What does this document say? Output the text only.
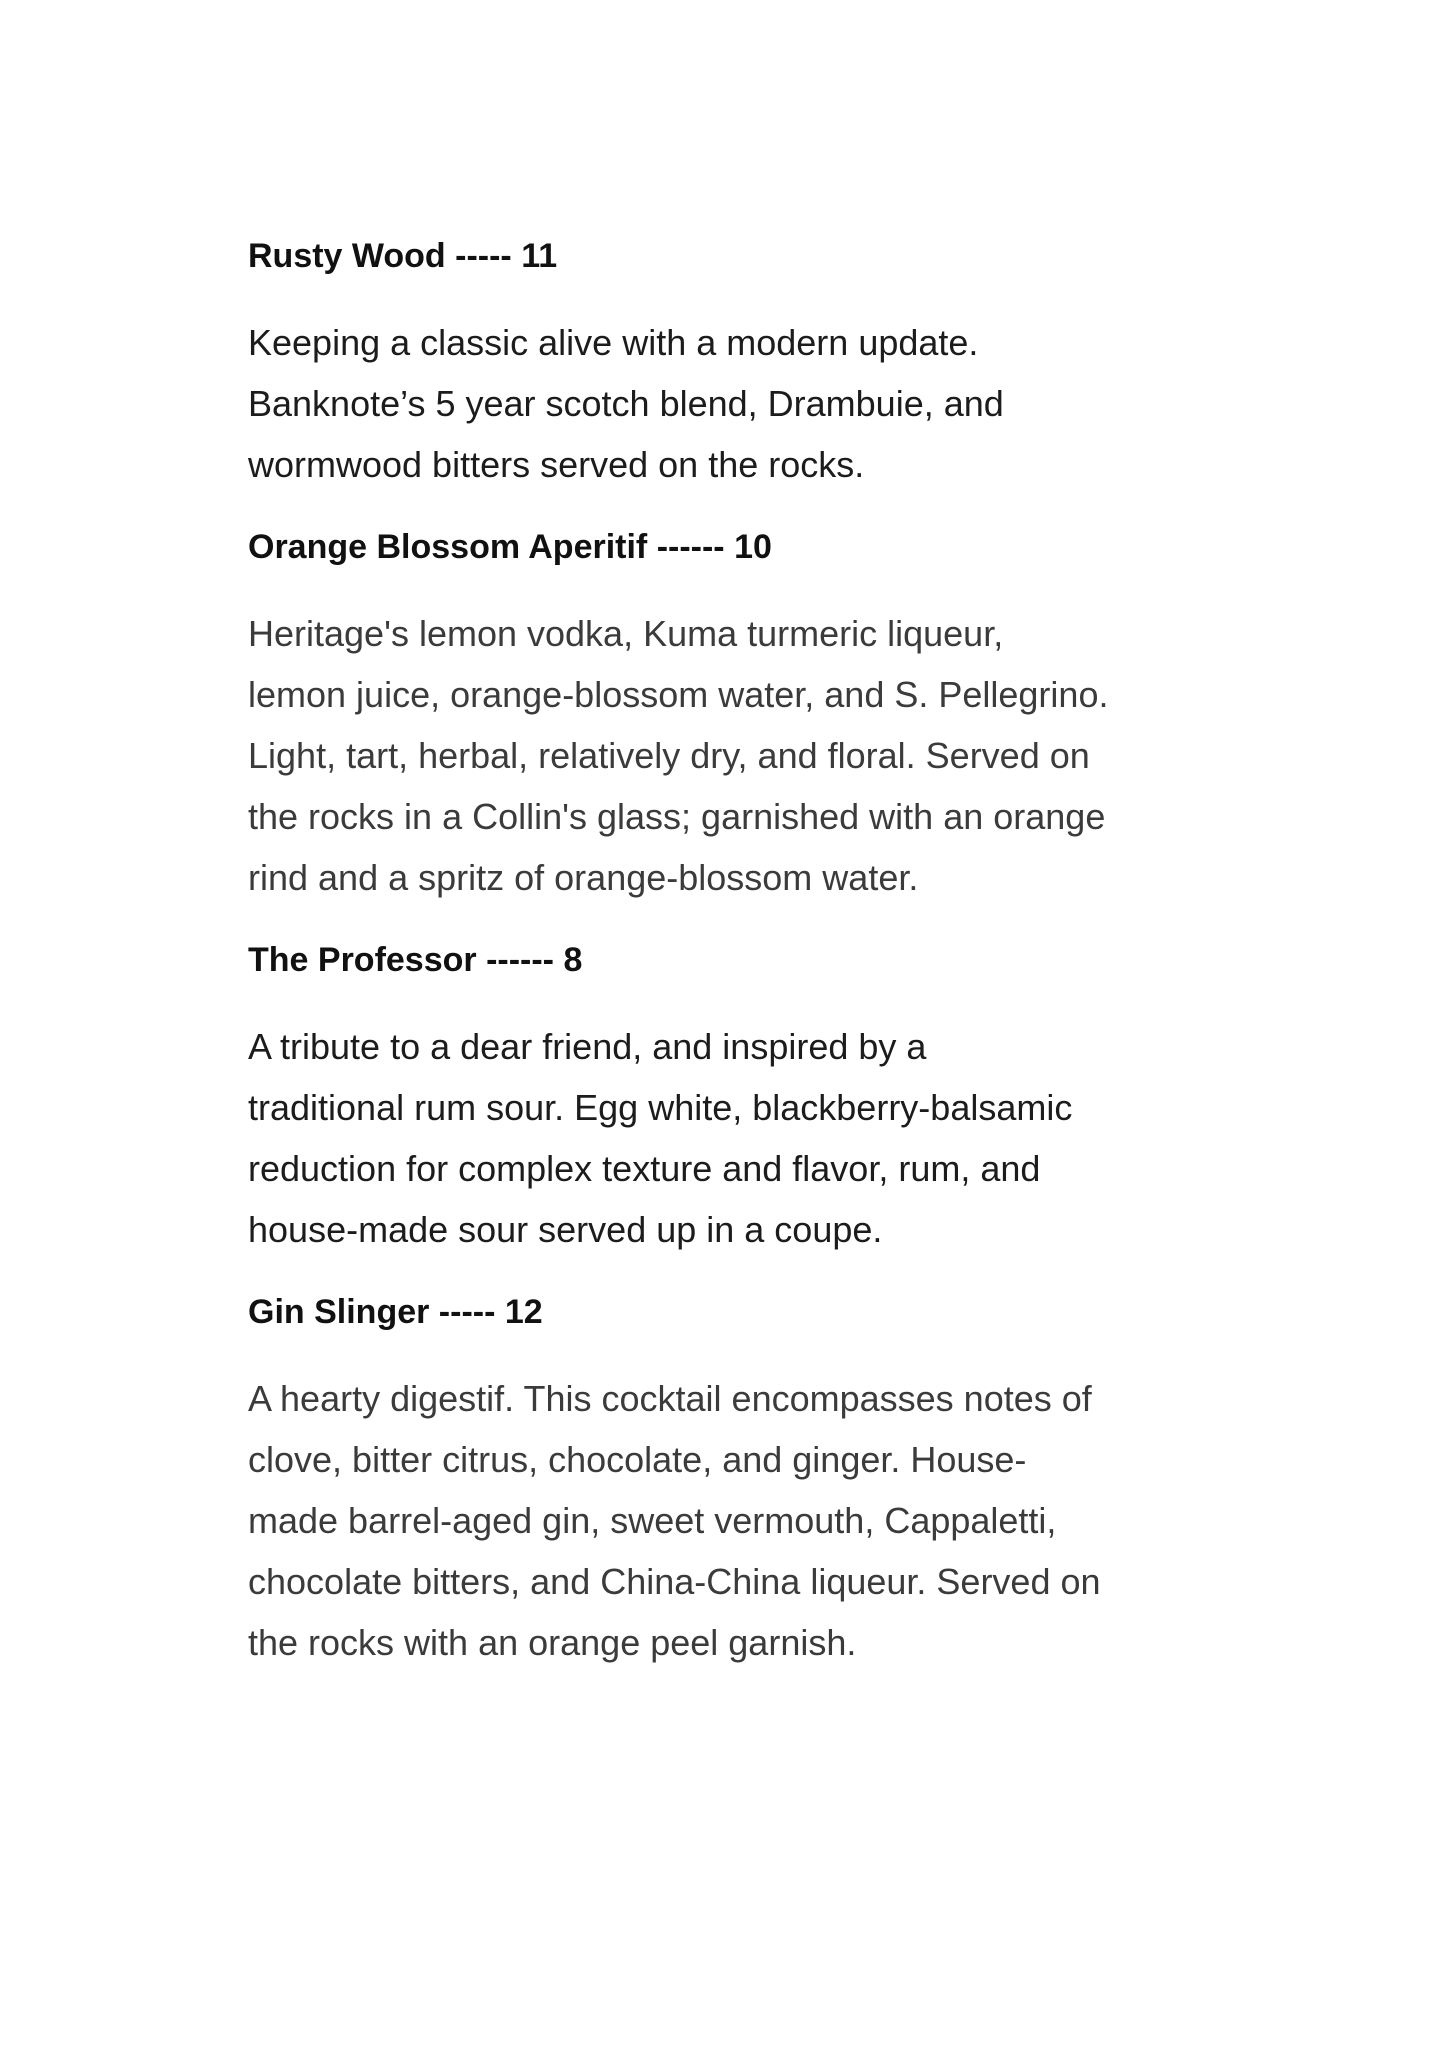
Rusty Wood ----- 11
Keeping a classic alive with a modern update.
Banknote’s 5 year scotch blend, Drambuie, and
wormwood bitters served on the rocks.
Orange Blossom Aperitif ------ 10
Heritage's lemon vodka, Kuma turmeric liqueur,
lemon juice, orange-blossom water, and S. Pellegrino.
Light, tart, herbal, relatively dry, and floral. Served on
the rocks in a Collin's glass; garnished with an orange
rind and a spritz of orange-blossom water.
The Professor ------ 8
A tribute to a dear friend, and inspired by a
traditional rum sour. Egg white, blackberry-balsamic
reduction for complex texture and flavor, rum, and
house-made sour served up in a coupe.
Gin Slinger ----- 12
A hearty digestif. This cocktail encompasses notes of
clove, bitter citrus, chocolate, and ginger. House-
made barrel-aged gin, sweet vermouth, Cappaletti,
chocolate bitters, and China-China liqueur. Served on
the rocks with an orange peel garnish.
